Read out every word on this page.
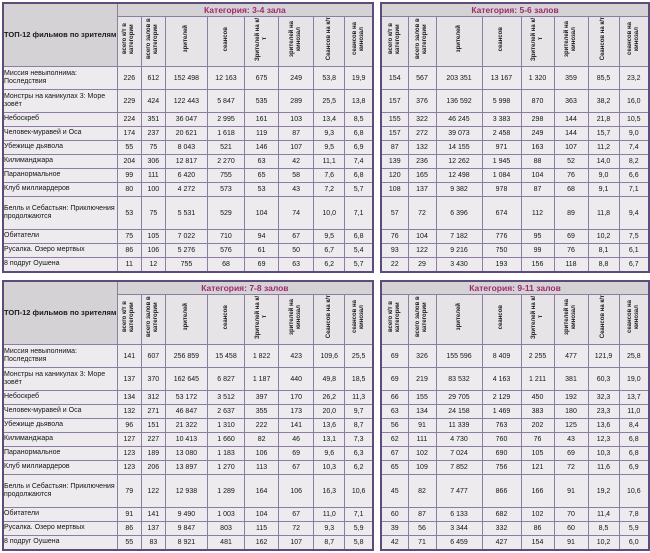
ТОП-12 фильмов по зрителям	Категория: 3-4 зала							
	всего к/т в категории	всего залов в категории	зрителей	сеансов	Зрителей на к/т	зрителей на кинозал	Сеансов на к/т	сеансов на кинозал
Миссия невыполнима: Последствия	226	612	152 498	12 163	675	249	53,8	19,9
Монстры на каникулах 3: Море зовёт	229	424	122 443	5 847	535	289	25,5	13,8
Небоскреб	224	351	36 047	2 995	161	103	13,4	8,5
Человек-муравей и Оса	174	237	20 621	1 618	119	87	9,3	6,8
Убежище дьявола	55	75	8 043	521	146	107	9,5	6,9
Килиманджара	204	306	12 817	2 270	63	42	11,1	7,4
Паранормальное	99	111	6 420	755	65	58	7,6	6,8
Клуб миллиардеров	80	100	4 272	573	53	43	7,2	5,7
Белль и Себастьян: Приключения продолжаются	53	75	5 531	529	104	74	10,0	7,1
Обитатели	75	105	7 022	710	94	67	9,5	6,8
Русалка. Озеро мертвых	86	106	5 276	576	61	50	6,7	5,4
8 подруг Оушена	11	12	755	68	69	63	6,2	5,7
Категория: 5-6 залов							
всего к/т в категории	всего залов в категории	зрителей	сеансов	Зрителей на к/т	зрителей на кинозал	Сеансов на к/т	сеансов на кинозал
154	567	203 351	13 167	1 320	359	85,5	23,2
157	376	136 592	5 998	870	363	38,2	16,0
155	322	46 245	3 383	298	144	21,8	10,5
157	272	39 073	2 458	249	144	15,7	9,0
87	132	14 155	971	163	107	11,2	7,4
139	236	12 262	1 945	88	52	14,0	8,2
120	165	12 498	1 084	104	76	9,0	6,6
108	137	9 382	978	87	68	9,1	7,1
57	72	6 396	674	112	89	11,8	9,4
76	104	7 182	776	95	69	10,2	7,5
93	122	9 216	750	99	76	8,1	6,1
22	29	3 430	193	156	118	8,8	6,7
ТОП-12 фильмов по зрителям	Категория: 7-8 залов							
	всего к/т в категории	всего залов в категории	зрителей	сеансов	Зрителей на к/т	зрителей на кинозал	Сеансов на к/т	сеансов на кинозал
Миссия невыполнима: Последствия	141	607	256 859	15 458	1 822	423	109,6	25,5
Монстры на каникулах 3: Море зовёт	137	370	162 645	6 827	1 187	440	49,8	18,5
Небоскреб	134	312	53 172	3 512	397	170	26,2	11,3
Человек-муравей и Оса	132	271	46 847	2 637	355	173	20,0	9,7
Убежище дьявола	96	151	21 322	1 310	222	141	13,6	8,7
Килиманджара	127	227	10 413	1 660	82	46	13,1	7,3
Паранормальное	123	189	13 080	1 183	106	69	9,6	6,3
Клуб миллиардеров	123	206	13 897	1 270	113	67	10,3	6,2
Белль и Себастьян: Приключения продолжаются	79	122	12 938	1 289	164	106	16,3	10,6
Обитатели	91	141	9 490	1 003	104	67	11,0	7,1
Русалка. Озеро мертвых	86	137	9 847	803	115	72	9,3	5,9
8 подруг Оушена	55	83	8 921	481	162	107	8,7	5,8
Категория: 9-11 залов							
всего к/т в категории	всего залов в категории	зрителей	сеансов	Зрителей на к/т	зрителей на кинозал	Сеансов на к/т	сеансов на кинозал
69	326	155 596	8 409	2 255	477	121,9	25,8
69	219	83 532	4 163	1 211	381	60,3	19,0
66	155	29 705	2 129	450	192	32,3	13,7
63	134	24 158	1 469	383	180	23,3	11,0
56	91	11 339	763	202	125	13,6	8,4
62	111	4 730	760	76	43	12,3	6,8
67	102	7 024	690	105	69	10,3	6,8
65	109	7 852	756	121	72	11,6	6,9
45	82	7 477	866	166	91	19,2	10,6
60	87	6 133	682	102	70	11,4	7,8
39	56	3 344	332	86	60	8,5	5,9
42	71	6 459	427	154	91	10,2	6,0
